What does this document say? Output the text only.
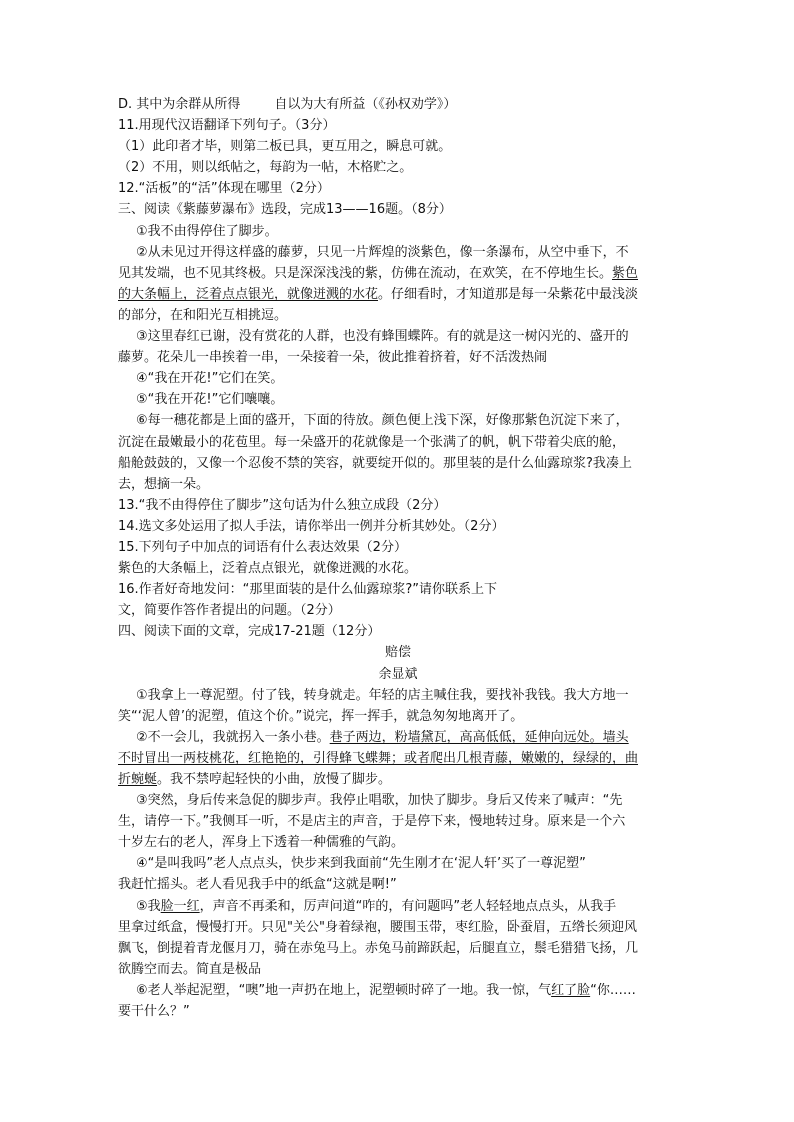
D. 其中为余群从所得	自以为大有所益（《孙权劝学》）
11.用现代汉语翻译下列句子。（3分）
（1）此印者才毕，则第二板已具，更互用之，瞬息可就。
（2）不用，则以纸帖之，每韵为一帖，木格贮之。
12.“活板”的“活”体现在哪里（2分）
三、阅读《紫藤萝瀑布》选段，完成13——16题。（8分）
①我不由得停住了脚步。
②从未见过开得这样盛的藤萝，只见一片辉煌的淡紫色，像一条瀑布，从空中垂下，不
见其发端，也不见其终极。只是深深浅浅的紫，仿佛在流动，在欢笑，在不停地生长。紫色
的大条幅上，泛着点点银光，就像迸溅的水花。仔细看时，才知道那是每一朵紫花中最浅淡
的部分，在和阳光互相挑逗。
③这里春红已谢，没有赏花的人群，也没有蜂围蝶阵。有的就是这一树闪光的、盛开的
藤萝。花朵儿一串挨着一串，一朵接着一朵，彼此推着挤着，好不活泼热闹
④“我在开花!”它们在笑。
⑤“我在开花!”它们嚷嚷。
⑥每一穗花都是上面的盛开，下面的待放。颜色便上浅下深，好像那紫色沉淀下来了，
沉淀在最嫩最小的花苞里。每一朵盛开的花就像是一个张满了的帆，帆下带着尖底的舱，
船舱鼓鼓的，又像一个忍俊不禁的笑容，就要绽开似的。那里装的是什么仙露琼浆?我凑上
去，想摘一朵。
13.“我不由得停住了脚步”这句话为什么独立成段（2分）
14.选文多处运用了拟人手法，请你举出一例并分析其妙处。（2分）
15.下列句子中加点的词语有什么表达效果（2分）
紫色的大条幅上，泛着点点银光，就像迸溅的水花。
16.作者好奇地发问：“那里面装的是什么仙露琼浆?”请你联系上下
文，简要作答作者提出的问题。（2分）
四、阅读下面的文章，完成17-21题（12分）
赔偿
余显斌
①我拿上一尊泥塑。付了钱，转身就走。年轻的店主喊住我，要找补我钱。我大方地一
笑“‘泥人曾’的泥塑，值这个价。”说完，挥一挥手，就急匆匆地离开了。
②不一会儿，我就拐入一条小巷。巷子两边，粉墙黛瓦，高高低低，延伸向远处。墙头
不时冒出一两枝桃花，红艳艳的，引得蜂飞蝶舞；或者爬出几根青藤，嫩嫩的，绿绿的，曲
折蜿蜒。我不禁哼起轻快的小曲，放慢了脚步。
③突然，身后传来急促的脚步声。我停止唱歌，加快了脚步。身后又传来了喊声：“先
生，请停一下。”我侧耳一听，不是店主的声音，于是停下来，慢地转过身。原来是一个六
十岁左右的老人，浑身上下透着一种儒雅的气韵。
④“是叫我吗”老人点点头，快步来到我面前“先生刚才在‘泥人轩’买了一尊泥塑”
我赶忙摇头。老人看见我手中的纸盒“这就是啊!”
⑤我脸一红，声音不再柔和，厉声问道“咋的，有问题吗”老人轻轻地点点头，从我手
里拿过纸盒，慢慢打开。只见"关公"身着绿袍，腰围玉带，枣红脸，卧蚕眉，五绺长须迎风
飘飞，倒提着青龙偃月刀，骑在赤兔马上。赤兔马前蹄跃起，后腿直立，鬃毛猎猎飞扬，几
欲腾空而去。简直是极品
⑥老人举起泥塑，“噢”地一声扔在地上，泥塑顿时碎了一地。我一惊，气红了脸“你……
要干什么？”
